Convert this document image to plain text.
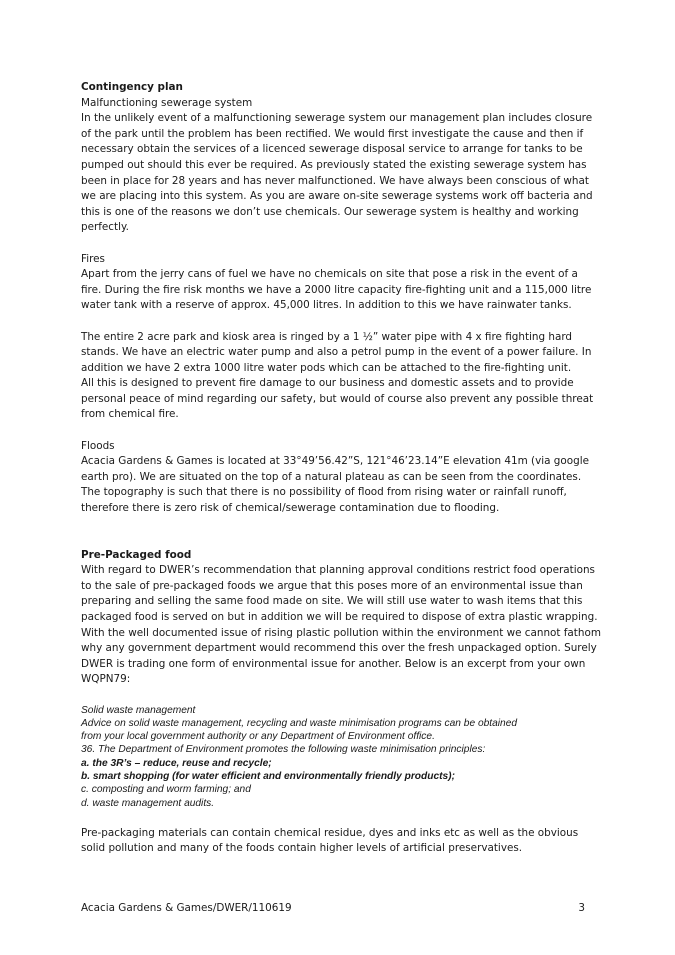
Contingency plan

Malfunctioning sewerage system

In the unlikely event of a malfunctioning sewerage system our management plan includes closure of the park until the problem has been rectified. We would first investigate the cause and then if necessary obtain the services of a licenced sewerage disposal service to arrange for tanks to be pumped out should this ever be required. As previously stated the existing sewerage system has been in place for 28 years and has never malfunctioned. We have always been conscious of what we are placing into this system. As you are aware on-site sewerage systems work off bacteria and this is one of the reasons we don’t use chemicals. Our sewerage system is healthy and working perfectly.

Fires

Apart from the jerry cans of fuel we have no chemicals on site that pose a risk in the event of a fire. During the fire risk months we have a 2000 litre capacity fire-fighting unit and a 115,000 litre water tank with a reserve of approx. 45,000 litres. In addition to this we have rainwater tanks.

The entire 2 acre park and kiosk area is ringed by a 1 ½” water pipe with 4 x fire fighting hard stands. We have an electric water pump and also a petrol pump in the event of a power failure. In addition we have 2 extra 1000 litre water pods which can be attached to the fire-fighting unit.

All this is designed to prevent fire damage to our business and domestic assets and to provide personal peace of mind regarding our safety, but would of course also prevent any possible threat from chemical fire.

Floods

Acacia Gardens & Games is located at 33°49’56.42”S, 121°46’23.14”E elevation 41m (via google earth pro). We are situated on the top of a natural plateau as can be seen from the coordinates. The topography is such that there is no possibility of flood from rising water or rainfall runoff, therefore there is zero risk of chemical/sewerage contamination due to flooding.

Pre-Packaged food

With regard to DWER’s recommendation that planning approval conditions restrict food operations to the sale of pre-packaged foods we argue that this poses more of an environmental issue than preparing and selling the same food made on site. We will still use water to wash items that this packaged food is served on but in addition we will be required to dispose of extra plastic wrapping. With the well documented issue of rising plastic pollution within the environment we cannot fathom why any government department would recommend this over the fresh unpackaged option. Surely DWER is trading one form of environmental issue for another. Below is an excerpt from your own WQPN79:

Solid waste management

Advice on solid waste management, recycling and waste minimisation programs can be obtained

from your local government authority or any Department of Environment office.

36. The Department of Environment promotes the following waste minimisation principles:

a. the 3R’s – reduce, reuse and recycle;

b. smart shopping (for water efficient and environmentally friendly products);

c. composting and worm farming; and

d. waste management audits.

Pre-packaging materials can contain chemical residue, dyes and inks etc as well as the obvious solid pollution and many of the foods contain higher levels of artificial preservatives.

Acacia Gardens & Games/DWER/110619	3
